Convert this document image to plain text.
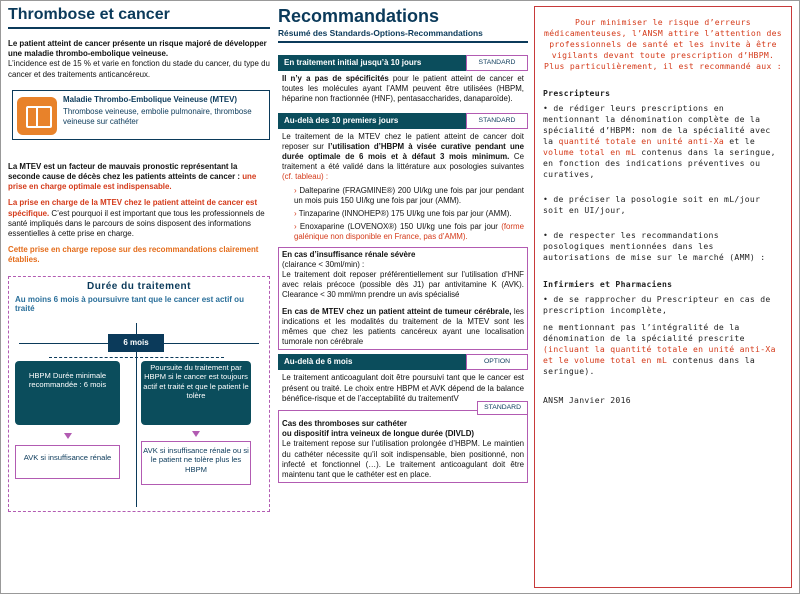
Thrombose et cancer

Le patient atteint de cancer présente un risque majoré de développer une maladie thrombo-embolique veineuse.

L’incidence est de 15 % et varie en fonction du stade du cancer, du type du cancer et des traitements anticancéreux.

Maladie Thrombo-Embolique Veineuse (MTEV)

Thrombose veineuse, embolie pulmonaire, thrombose veineuse sur cathéter

La MTEV est un facteur de mauvais pronostic représentant la seconde cause de décès chez les patients atteints de cancer : une prise en charge optimale est indispensable.

La prise en charge de la MTEV chez le patient atteint de cancer est spécifique. C’est pourquoi il est important que tous les professionnels de santé impliqués dans le parcours de soins disposent des informations essentielles à cette prise en charge.

Cette prise en charge repose sur des recommandations clairement établies.

Durée du traitement
Au moins 6 mois à poursuivre tant que le cancer est actif ou traité
6 mois
HBPM Durée minimale recommandée : 6 mois
Poursuite du traitement par HBPM si le cancer est toujours actif et traité et que le patient le tolère
AVK si insuffisance rénale
AVK si insuffisance rénale ou si le patient ne tolère plus les HBPM
Recommandations
Résumé des Standards-Options-Recommandations
En traitement initial jusqu’à 10 jours	STANDARD

Il n’y a pas de spécificités pour le patient atteint de cancer et toutes les molécules ayant l’AMM peuvent être utilisées (HBPM, héparine non fractionnée (HNF), pentasaccharides, danaparoïde).

Au-delà des 10 premiers jours	STANDARD

Le traitement de la MTEV chez le patient atteint de cancer doit reposer sur l’utilisation d’HBPM à visée curative pendant une durée optimale de 6 mois et à défaut 3 mois minimum. Ce traitement a été validé dans la littérature aux posologies suivantes (cf. tableau) :

› Dalteparine (FRAGMINE®) 200 UI/kg une fois par jour pendant un mois puis 150 UI/kg une fois par jour (AMM).

› Tinzaparine (INNOHEP®) 175 UI/kg une fois par jour (AMM).

› Enoxaparine (LOVENOX®) 150 UI/kg une fois par jour (forme galénique non disponible en France, pas d’AMM).

En cas d’insuffisance rénale sévère

(clairance < 30ml/min) :

Le traitement doit reposer préférentiellement sur l’utilisation d’HNF avec relais précoce (possible dès J1) par antivitamine K (AVK). Clearance < 30 mml/mn prendre un avis spécialisé

En cas de MTEV chez un patient atteint de tumeur cérébrale, les indications et les modalités du traitement de la MTEV sont les mêmes que chez les patients cancéreux ayant une localisation tumorale non cérébrale

Au-delà de 6 mois	OPTION

Le traitement anticoagulant doit être poursuivi tant que le cancer est présent ou traité. Le choix entre HBPM et AVK dépend de la balance bénéfice-risque et de l’acceptabilité du traitementV

STANDARD

Cas des thromboses sur cathéter

ou dispositif intra veineux de longue durée (DIVLD)

Le traitement repose sur l’utilisation prolongée d’HBPM. Le maintien du cathéter nécessite qu’il soit indispensable, bien positionné, non infecté et fonctionnel (…). Le traitement anticoagulant doit être maintenu tant que le cathéter est en place.

Pour minimiser le risque d’erreurs médicamenteuses, l’ANSM attire l’attention des professionnels de santé et les invite à être vigilants devant toute prescription d’HBPM.

Plus particulièrement, il est recommandé aux :

Prescripteurs

• de rédiger leurs prescriptions en mentionnant la dénomination complète de la spécialité d’HBPM: nom de la spécialité avec la quantité totale en unité anti-Xa et le volume total en mL contenus dans la seringue, en fonction des indications préventives ou curatives,

• de préciser la posologie soit en mL/jour soit en UI/jour,

• de respecter les recommandations posologiques mentionnées dans les autorisations de mise sur le marché (AMM) :

Infirmiers et Pharmaciens

• de se rapprocher du Prescripteur en cas de prescription incomplète,

ne mentionnant pas l’intégralité de la dénomination de la spécialité prescrite (incluant la quantité totale en unité anti-Xa et le volume total en mL contenus dans la seringue).

ANSM Janvier 2016
